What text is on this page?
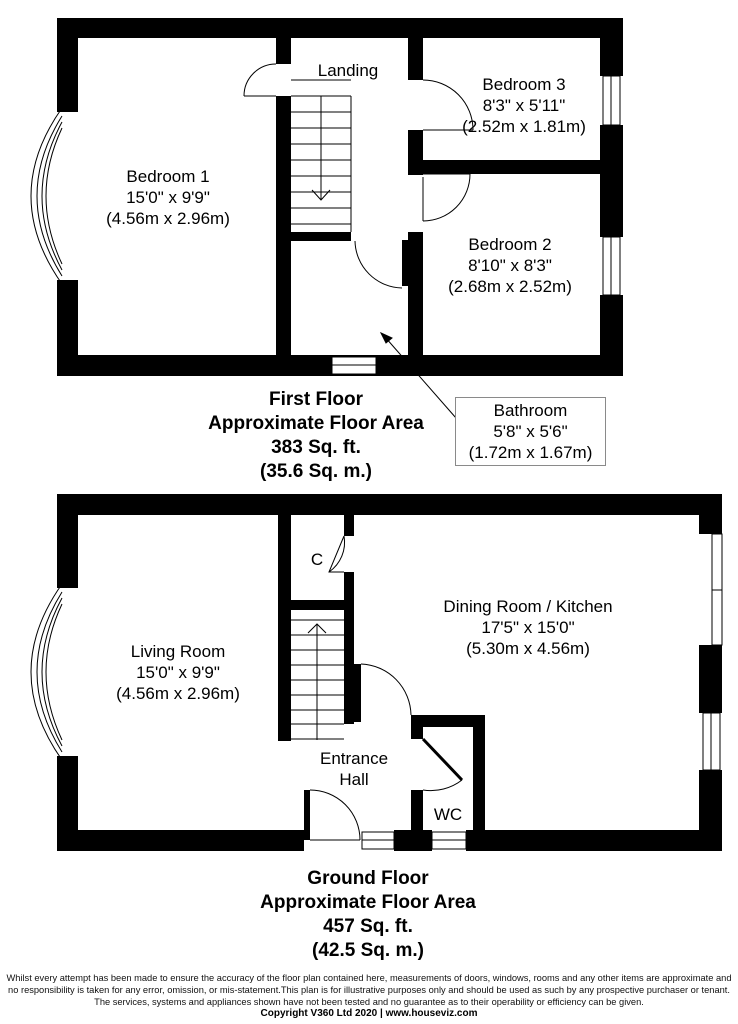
Landing
Bedroom 1
15'0" x 9'9"
(4.56m x 2.96m)
Bedroom 3
8'3" x 5'11"
(2.52m x 1.81m)
Bedroom 2
8'10" x 8'3"
(2.68m x 2.52m)
Bathroom
5'8" x 5'6"
(1.72m x 1.67m)
First Floor
Approximate Floor Area
383 Sq. ft.
(35.6 Sq. m.)
C
Living Room
15'0" x 9'9"
(4.56m x 2.96m)
Dining Room / Kitchen
17'5" x 15'0"
(5.30m x 4.56m)
Entrance
Hall
WC
Ground Floor
Approximate Floor Area
457 Sq. ft.
(42.5 Sq. m.)
Whilst every attempt has been made to ensure the accuracy of the floor plan contained here, measurements of doors, windows, rooms and any other items are approximate and
no responsibility is taken for any error, omission, or mis-statement.This plan is for illustrative purposes only and should be used as such by any prospective purchaser or tenant.
The services, systems and appliances shown have not been tested and no guarantee as to their operability or efficiency can be given.
Copyright V360 Ltd 2020 | www.houseviz.com
